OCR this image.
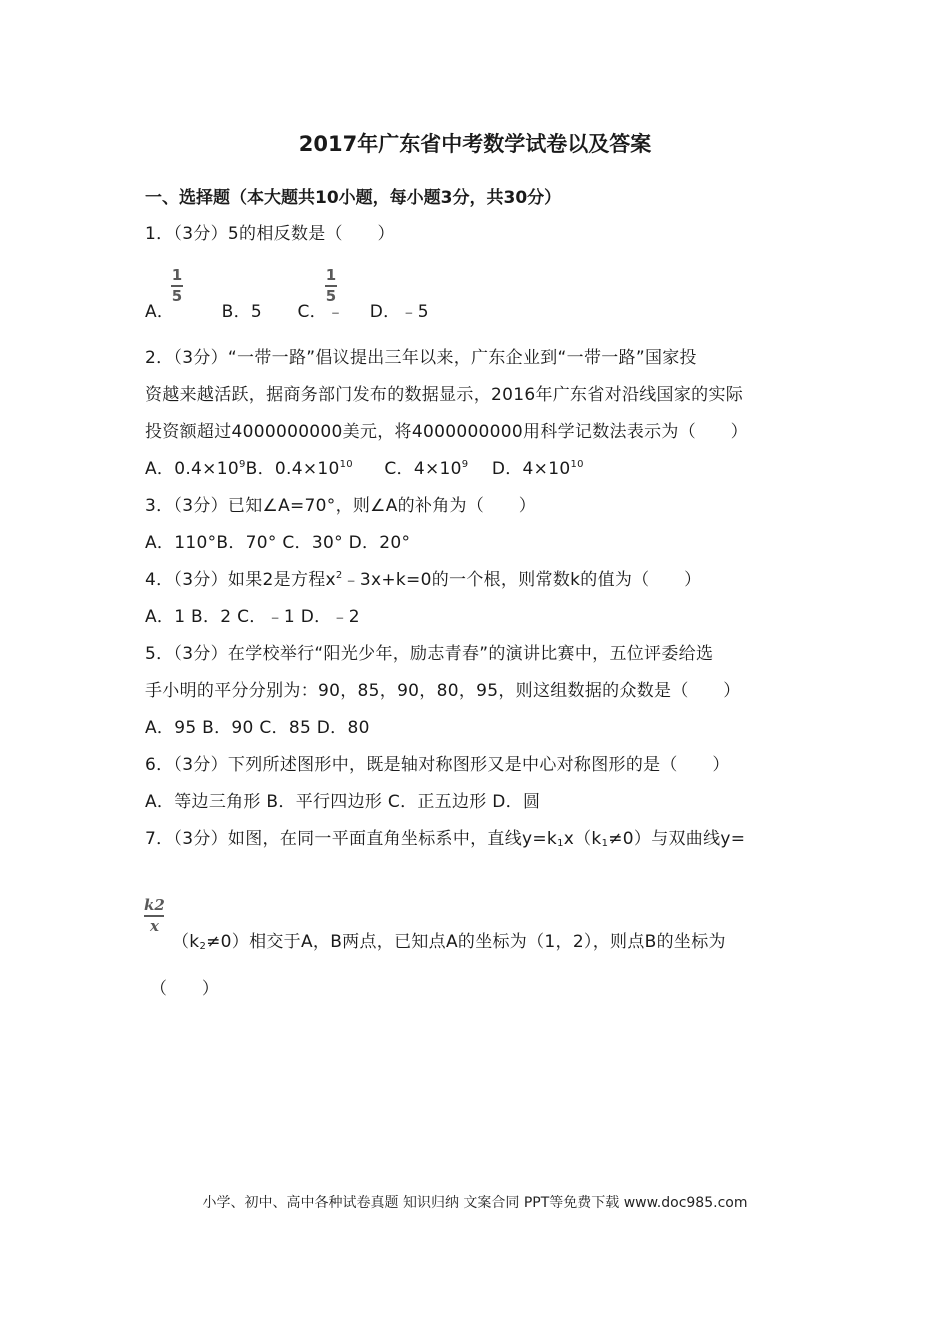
2017年广东省中考数学试卷以及答案
一、选择题（本大题共10小题，每小题3分，共30分）
1．（3分）5的相反数是（　　）
A．	B．5 C．﹣ D．﹣5
1
5
1
5
2．（3分）“一带一路”倡议提出三年以来，广东企业到“一带一路”国家投
资越来越活跃，据商务部门发布的数据显示，2016年广东省对沿线国家的实际
投资额超过4000000000美元，将4000000000用科学记数法表示为（　　）
A．$0.4\times 10^9B$．$0.4\times 10^{10}$ C．$4\times 10^9$ D．$4\times 10^{10}$
3．（3分）已知∠A=70°，则∠A的补角为（　　）
A．110°B．70° C．30° D．20°
4．（3分）如果2是方程$x^2﹣3x+k=0$的一个根，则常数k的值为（　　）
A．1 B．2 C．﹣1 D．﹣2
5．（3分）在学校举行“阳光少年，励志青春”的演讲比赛中，五位评委给选
手小明的平分分别为：90，85，90，80，95，则这组数据的众数是（　　）
A．95 B．90 C．85 D．80
6．（3分）下列所述图形中，既是轴对称图形又是中心对称图形的是（　　）
A．等边三角形 B．平行四边形 C．正五边形 D．圆
7．（3分）如图，在同一平面直角坐标系中，直线$y=k_1x(k_1\ne 0)$与双曲线y=
k2
x
$(k_2\ne 0)$相交于A，B两点，已知点A的坐标为（1，2），则点B的坐标为
（　　）
小学、初中、高中各种试卷真题 知识归纳 文案合同 PPT等免费下载 www.doc985.com
